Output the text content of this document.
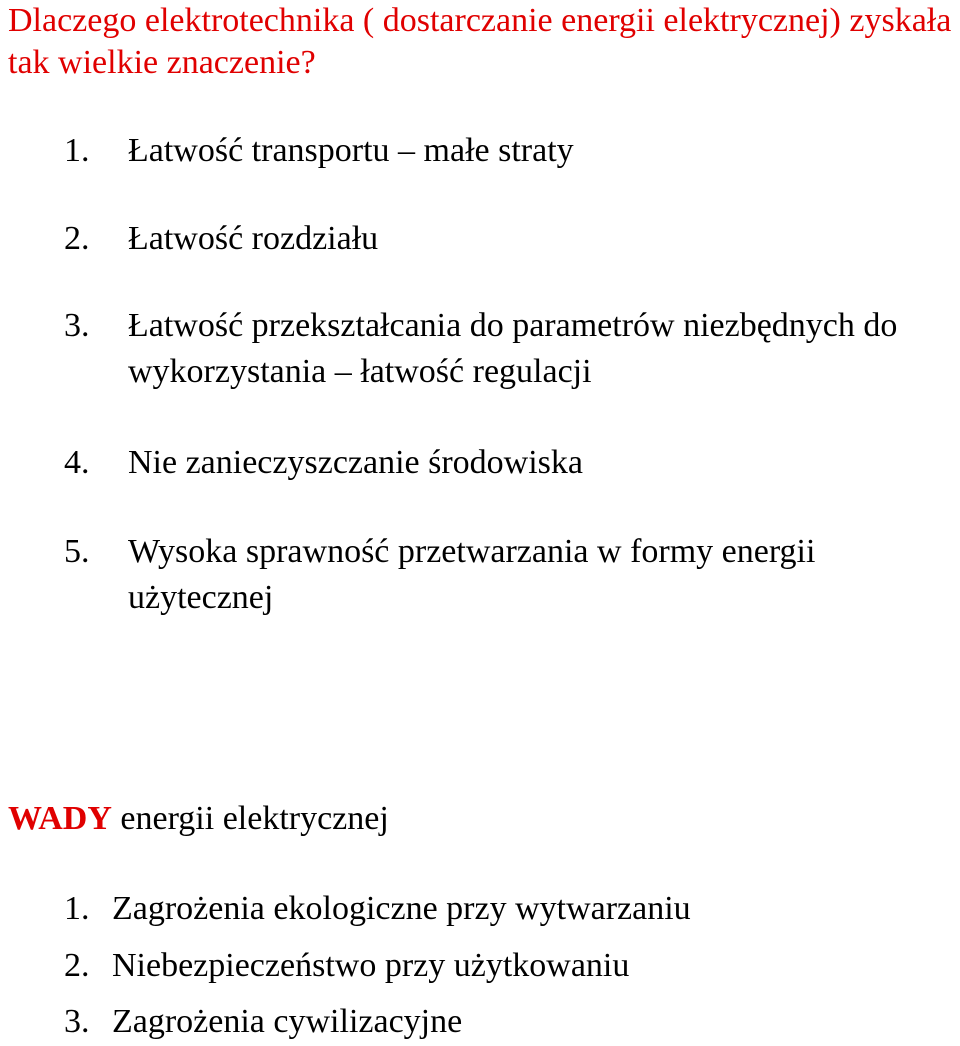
Dlaczego elektrotechnika ( dostarczanie energii elektrycznej) zyskała tak wielkie znaczenie?
1. Łatwość transportu – małe straty
2. Łatwość rozdziału
3. Łatwość przekształcania do parametrów niezbędnych do wykorzystania – łatwość regulacji
4. Nie zanieczyszczanie środowiska
5. Wysoka sprawność przetwarzania w formy energii użytecznej
WADY energii elektrycznej
1. Zagrożenia ekologiczne przy wytwarzaniu
2. Niebezpieczeństwo przy użytkowaniu
3. Zagrożenia cywilizacyjne
